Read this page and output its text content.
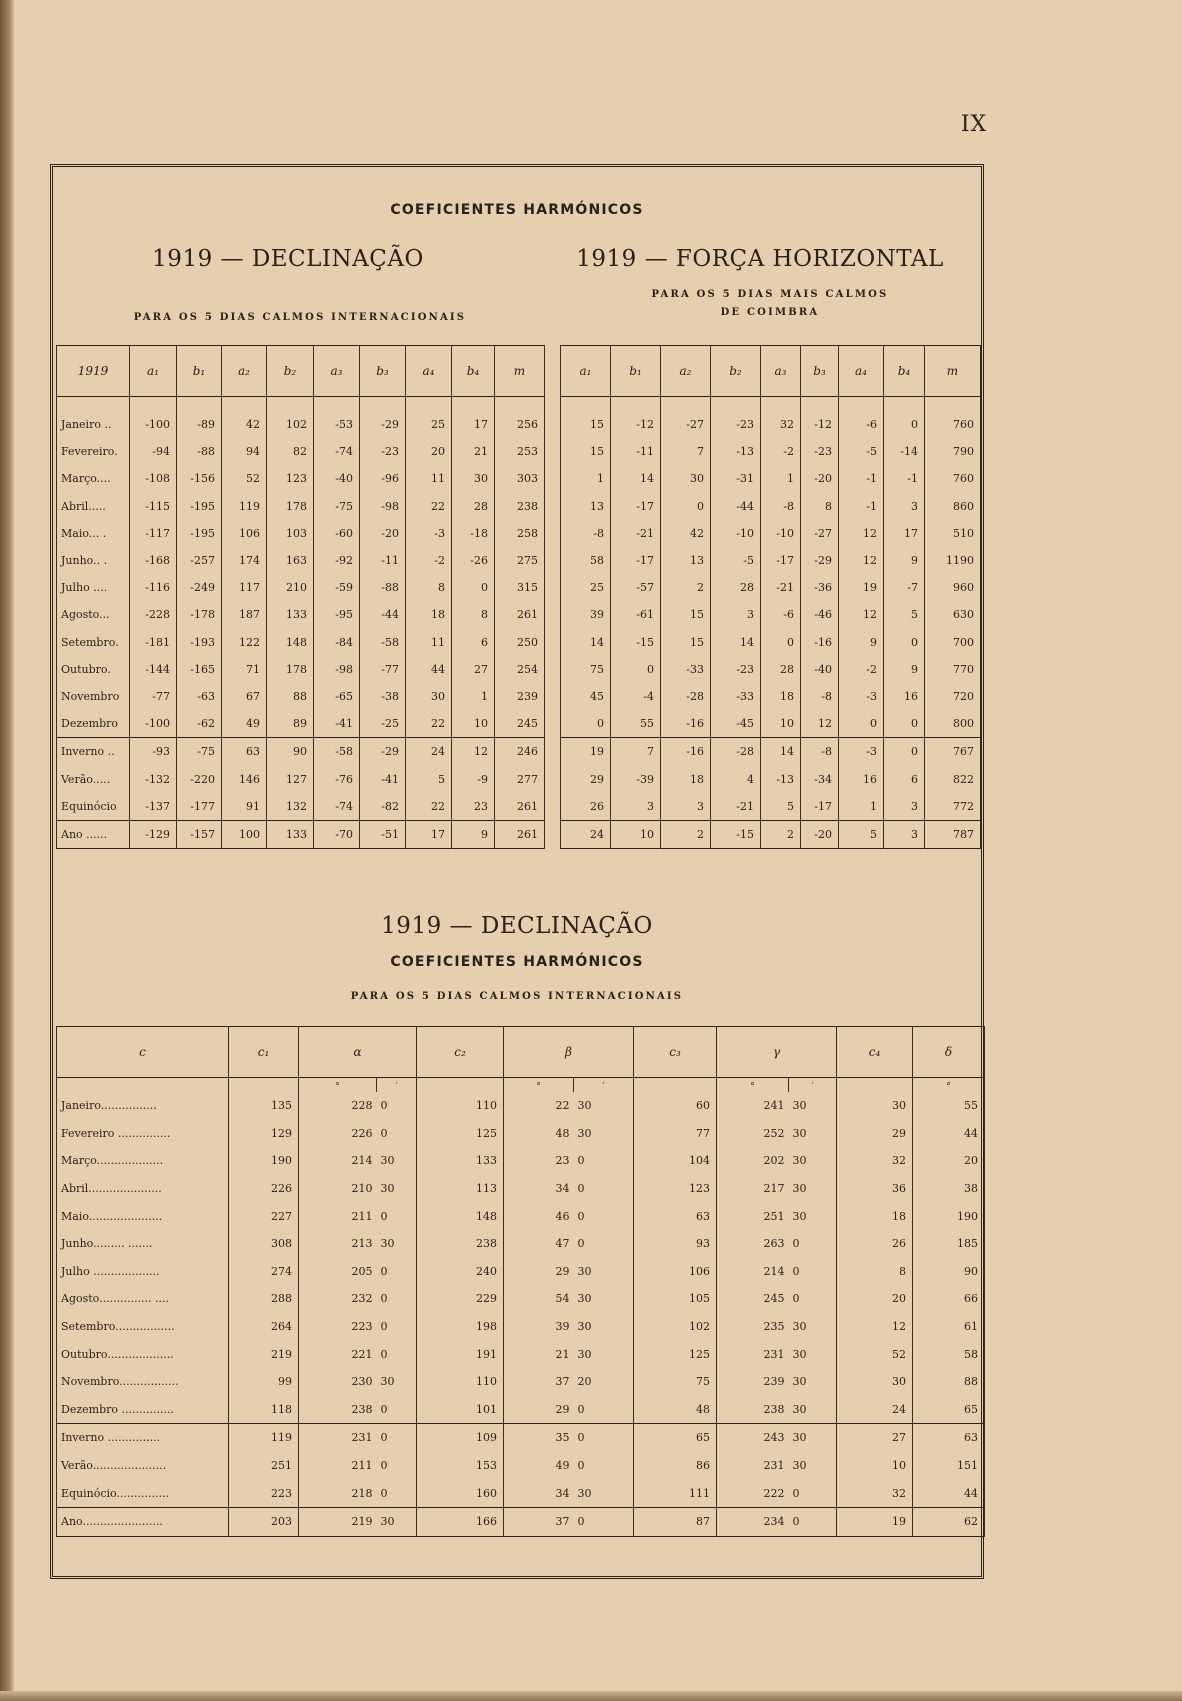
IX
COEFICIENTES HARMÓNICOS
1919 — DECLINAÇÃO	1919 — FORÇA HORIZONTAL
PARA OS 5 DIAS CALMOS INTERNACIONAIS
PARA OS 5 DIAS MAIS CALMOS
DE COIMBRA
1919	a₁	b₁	a₂	b₂	a₃	b₃	a₄	b₄	m

Janeiro ..	-100	-89	42	102	-53	-29	25	17	256
Fevereiro.	-94	-88	94	82	-74	-23	20	21	253
Março....	-108	-156	52	123	-40	-96	11	30	303
Abril.....	-115	-195	119	178	-75	-98	22	28	238
Maio... .	-117	-195	106	103	-60	-20	-3	-18	258
Junho.. .	-168	-257	174	163	-92	-11	-2	-26	275
Julho ....	-116	-249	117	210	-59	-88	8	0	315
Agosto...	-228	-178	187	133	-95	-44	18	8	261
Setembro.	-181	-193	122	148	-84	-58	11	6	250
Outubro.	-144	-165	71	178	-98	-77	44	27	254
Novembro	-77	-63	67	88	-65	-38	30	1	239
Dezembro	-100	-62	49	89	-41	-25	22	10	245
Inverno ..	-93	-75	63	90	-58	-29	24	12	246
Verão.....	-132	-220	146	127	-76	-41	5	-9	277
Equinócio	-137	-177	91	132	-74	-82	22	23	261
Ano ......	-129	-157	100	133	-70	-51	17	9	261
a₁	b₁	a₂	b₂	a₃	b₃	a₄	b₄	m

15	-12	-27	-23	32	-12	-6	0	760
15	-11	7	-13	-2	-23	-5	-14	790
1	14	30	-31	1	-20	-1	-1	760
13	-17	0	-44	-8	8	-1	3	860
-8	-21	42	-10	-10	-27	12	17	510
58	-17	13	-5	-17	-29	12	9	1190
25	-57	2	28	-21	-36	19	-7	960
39	-61	15	3	-6	-46	12	5	630
14	-15	15	14	0	-16	9	0	700
75	0	-33	-23	28	-40	-2	9	770
45	-4	-28	-33	18	-8	-3	16	720
0	55	-16	-45	10	12	0	0	800
19	7	-16	-28	14	-8	-3	0	767
29	-39	18	4	-13	-34	16	6	822
26	3	3	-21	5	-17	1	3	772
24	10	2	-15	2	-20	5	3	787
1919 — DECLINAÇÃO
COEFICIENTES HARMÓNICOS
PARA OS 5 DIAS CALMOS INTERNACIONAIS
c	c₁	α		c₂	β		c₃	γ		c₄	δ
		°	′		°	′		°	′		°
Janeiro................	135	228	0	110	22	30	60	241	30	30	55
Fevereiro ...............	129	226	0	125	48	30	77	252	30	29	44
Março...................	190	214	30	133	23	0	104	202	30	32	20
Abril.....................	226	210	30	113	34	0	123	217	30	36	38
Maio.....................	227	211	0	148	46	0	63	251	30	18	190
Junho......... .......	308	213	30	238	47	0	93	263	0	26	185
Julho ...................	274	205	0	240	29	30	106	214	0	8	90
Agosto............... ....	288	232	0	229	54	30	105	245	0	20	66
Setembro.................	264	223	0	198	39	30	102	235	30	12	61
Outubro...................	219	221	0	191	21	30	125	231	30	52	58
Novembro.................	99	230	30	110	37	20	75	239	30	30	88
Dezembro ...............	118	238	0	101	29	0	48	238	30	24	65
Inverno ...............	119	231	0	109	35	0	65	243	30	27	63
Verão.....................	251	211	0	153	49	0	86	231	30	10	151
Equinócio...............	223	218	0	160	34	30	111	222	0	32	44
Ano.......................	203	219	30	166	37	0	87	234	0	19	62
